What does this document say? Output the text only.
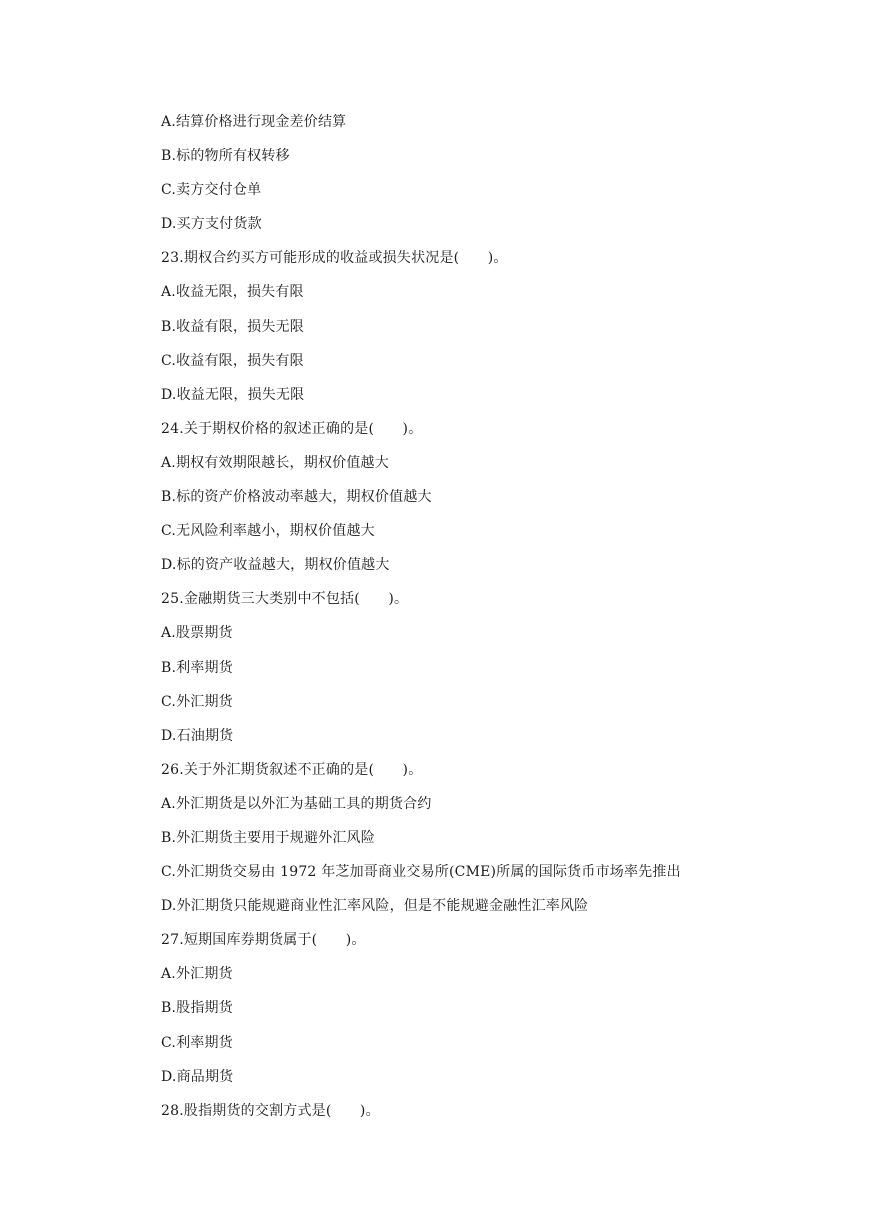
A.结算价格进行现金差价结算
B.标的物所有权转移
C.卖方交付仓单
D.买方支付货款
23.期权合约买方可能形成的收益或损失状况是(　　)。
A.收益无限，损失有限
B.收益有限，损失无限
C.收益有限，损失有限
D.收益无限，损失无限
24.关于期权价格的叙述正确的是(　　)。
A.期权有效期限越长，期权价值越大
B.标的资产价格波动率越大，期权价值越大
C.无风险利率越小，期权价值越大
D.标的资产收益越大，期权价值越大
25.金融期货三大类别中不包括(　　)。
A.股票期货
B.利率期货
C.外汇期货
D.石油期货
26.关于外汇期货叙述不正确的是(　　)。
A.外汇期货是以外汇为基础工具的期货合约
B.外汇期货主要用于规避外汇风险
C.外汇期货交易由 1972 年芝加哥商业交易所(CME)所属的国际货币市场率先推出
D.外汇期货只能规避商业性汇率风险，但是不能规避金融性汇率风险
27.短期国库券期货属于(　　)。
A.外汇期货
B.股指期货
C.利率期货
D.商品期货
28.股指期货的交割方式是(　　)。
